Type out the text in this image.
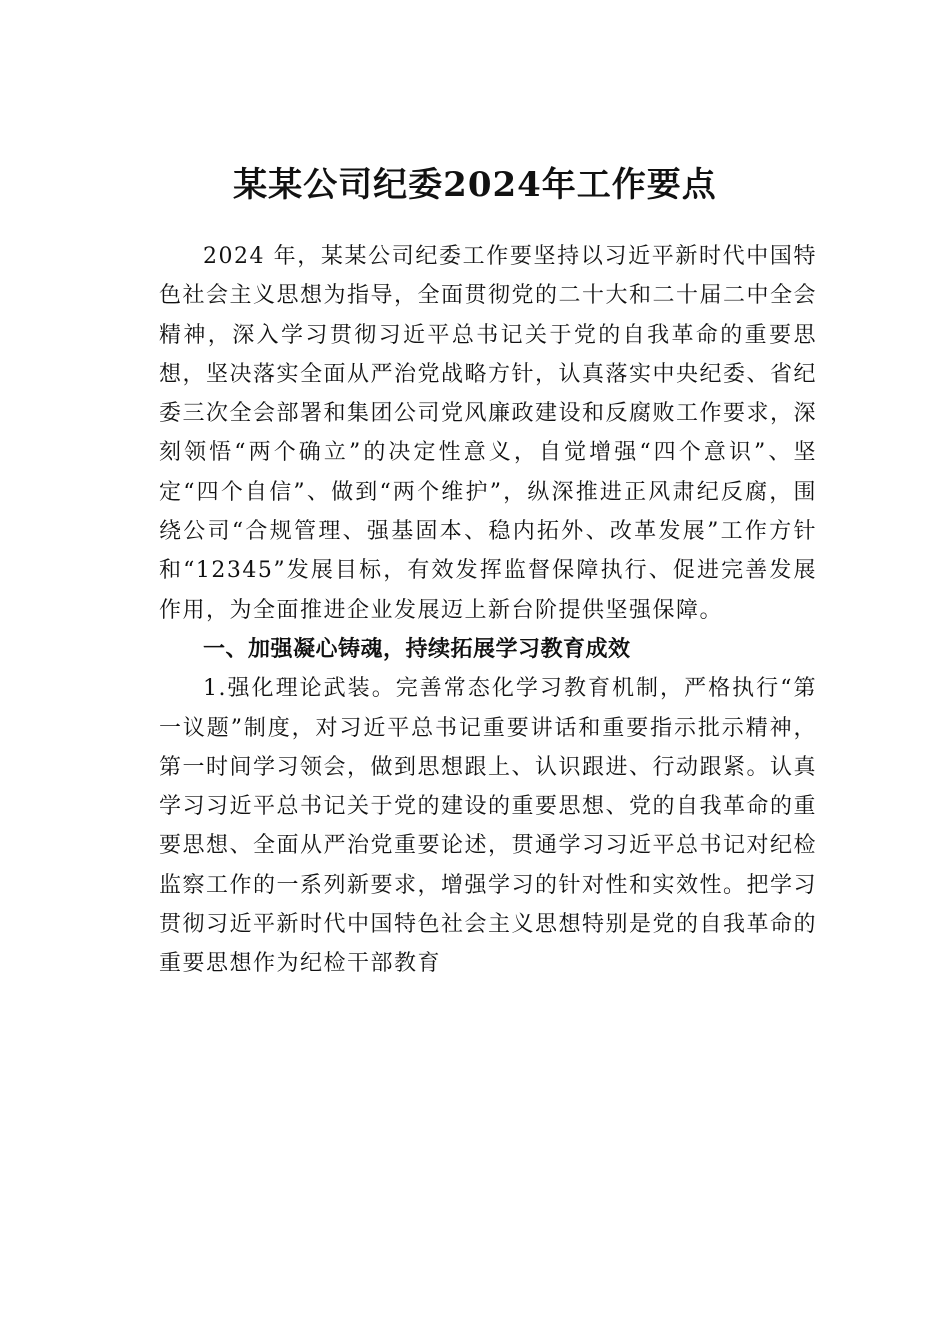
某某公司纪委2024年工作要点

2024 年，某某公司纪委工作要坚持以习近平新时代中国特色社会主义思想为指导，全面贯彻党的二十大和二十届二中全会精神，深入学习贯彻习近平总书记关于党的自我革命的重要思想，坚决落实全面从严治党战略方针，认真落实中央纪委、省纪委三次全会部署和集团公司党风廉政建设和反腐败工作要求，深刻领悟“两个确立”的决定性意义，自觉增强“四个意识”、坚定“四个自信”、做到“两个维护”，纵深推进正风肃纪反腐，围绕公司“合规管理、强基固本、稳内拓外、改革发展”工作方针和“12345”发展目标，有效发挥监督保障执行、促进完善发展作用，为全面推进企业发展迈上新台阶提供坚强保障。

一、加强凝心铸魂，持续拓展学习教育成效

1.强化理论武装。完善常态化学习教育机制，严格执行“第一议题”制度，对习近平总书记重要讲话和重要指示批示精神，第一时间学习领会，做到思想跟上、认识跟进、行动跟紧。认真学习习近平总书记关于党的建设的重要思想、党的自我革命的重要思想、全面从严治党重要论述，贯通学习习近平总书记对纪检监察工作的一系列新要求，增强学习的针对性和实效性。把学习贯彻习近平新时代中国特色社会主义思想特别是党的自我革命的重要思想作为纪检干部教育
